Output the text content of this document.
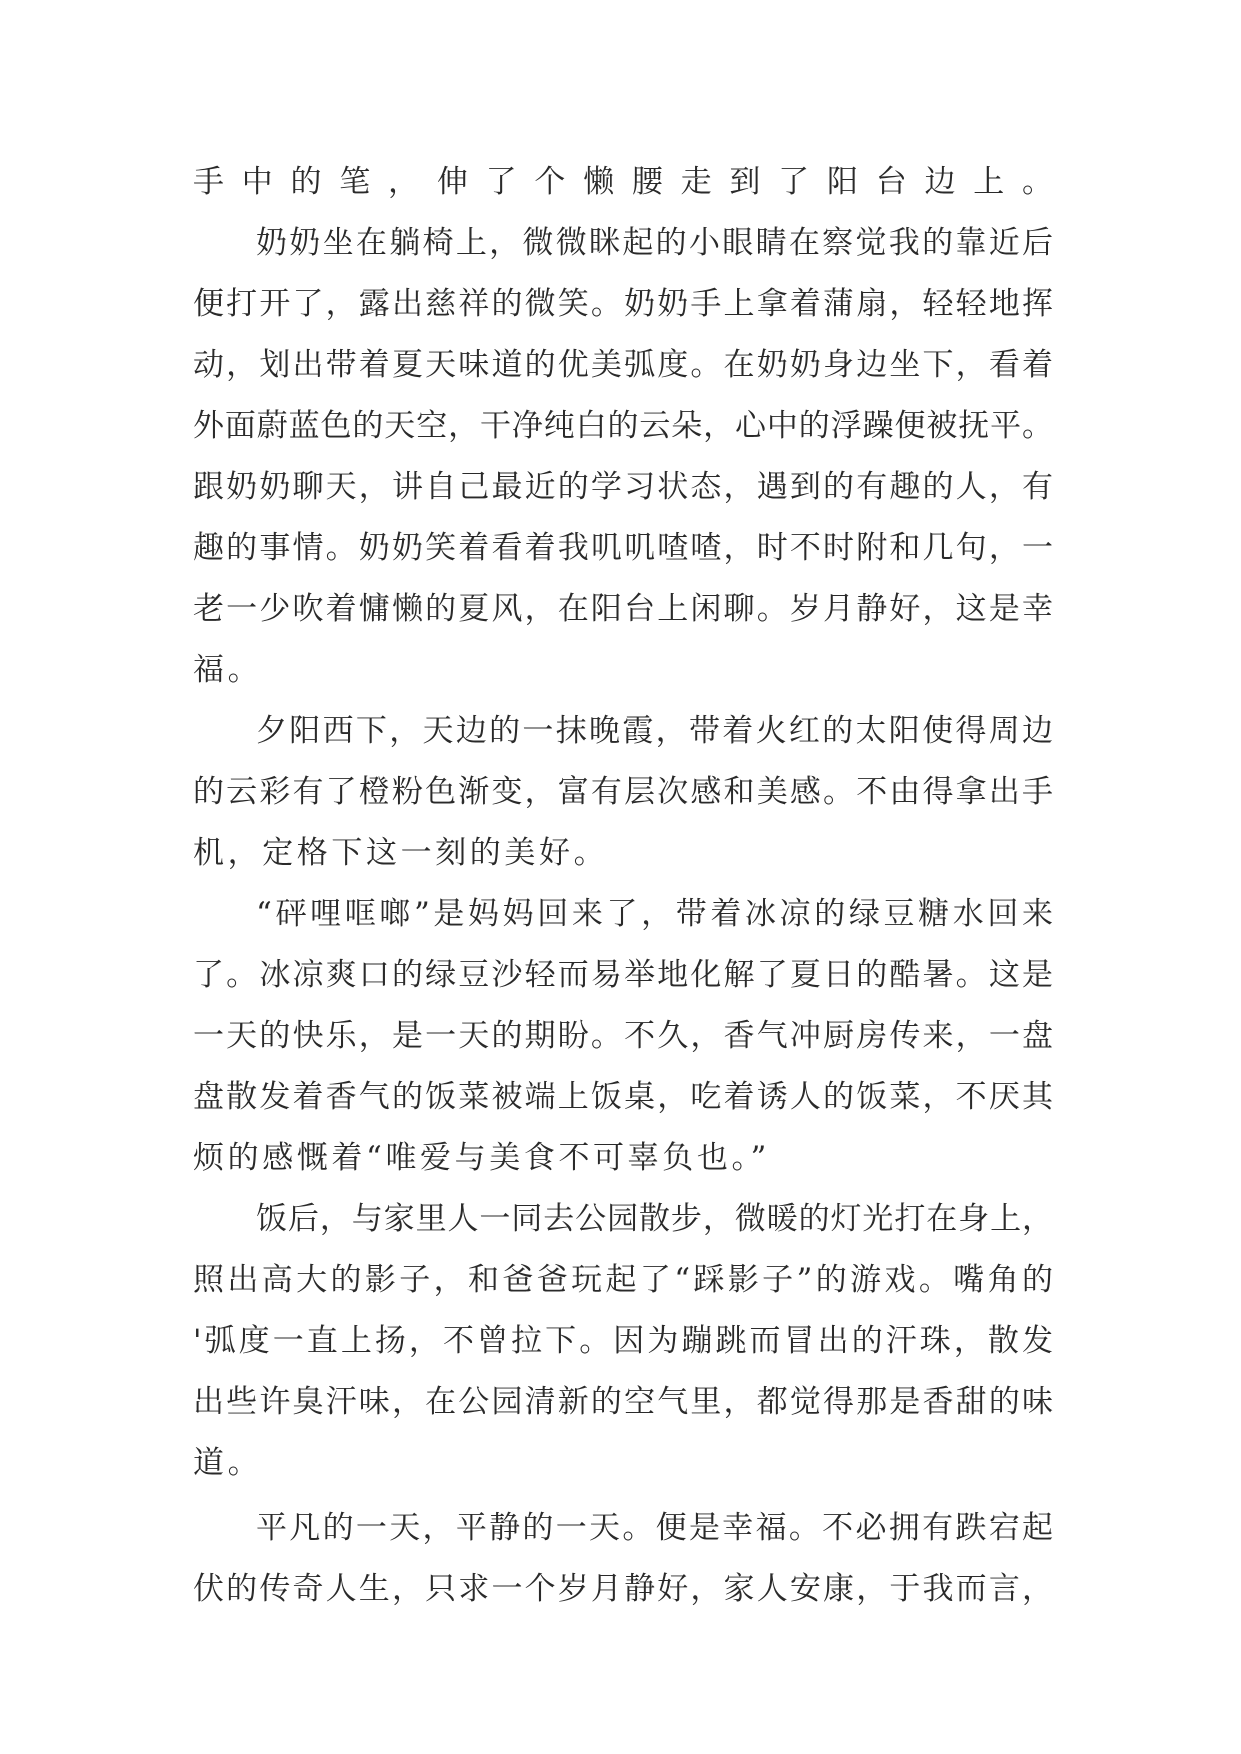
手中的笔，伸了个懒腰走到了阳台边上。
奶奶坐在躺椅上，微微眯起的小眼睛在察觉我的靠近后
便打开了，露出慈祥的微笑。奶奶手上拿着蒲扇，轻轻地挥
动，划出带着夏天味道的优美弧度。在奶奶身边坐下，看着
外面蔚蓝色的天空，干净纯白的云朵，心中的浮躁便被抚平。
跟奶奶聊天，讲自己最近的学习状态，遇到的有趣的人，有
趣的事情。奶奶笑着看着我叽叽喳喳，时不时附和几句，一
老一少吹着慵懒的夏风，在阳台上闲聊。岁月静好，这是幸
福。
夕阳西下，天边的一抹晚霞，带着火红的太阳使得周边
的云彩有了橙粉色渐变，富有层次感和美感。不由得拿出手
机，定格下这一刻的美好。
“砰哩哐啷”是妈妈回来了，带着冰凉的绿豆糖水回来
了。冰凉爽口的绿豆沙轻而易举地化解了夏日的酷暑。这是
一天的快乐，是一天的期盼。不久，香气冲厨房传来，一盘
盘散发着香气的饭菜被端上饭桌，吃着诱人的饭菜，不厌其
烦的感慨着“唯爱与美食不可辜负也。”
饭后，与家里人一同去公园散步，微暖的灯光打在身上，
照出高大的影子，和爸爸玩起了“踩影子”的游戏。嘴角的
'弧度一直上扬，不曾拉下。因为蹦跳而冒出的汗珠，散发
出些许臭汗味，在公园清新的空气里，都觉得那是香甜的味
道。
平凡的一天，平静的一天。便是幸福。不必拥有跌宕起
伏的传奇人生，只求一个岁月静好，家人安康，于我而言，
